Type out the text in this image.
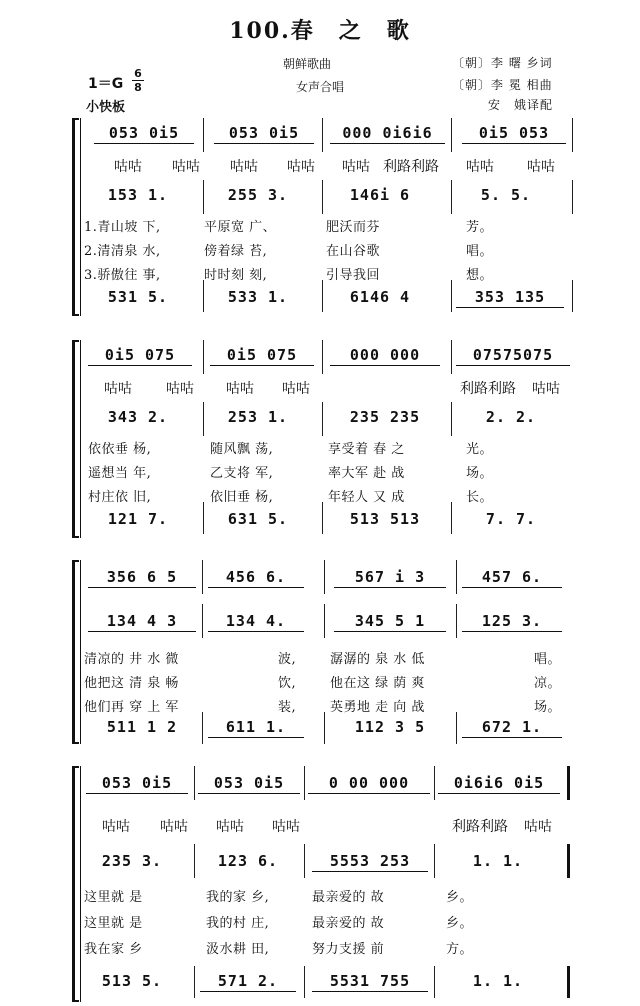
100.春　之　歌
朝鲜歌曲
女声合唱
〔朝〕李 曙 乡词
〔朝〕李 冕 相曲
安　娥译配
1＝G
6
8
小快板
053 0i5	053 0i5	000 0i6i6	0i5 053
咕咕 咕咕 咕咕 咕咕 咕咕 利路利路 咕咕 咕咕
153 1.	255 3.	146i 6	5. 5.
1.青山坡 下,	平原宽 广、	肥沃而芬	芳。
2.清清泉 水,	傍着绿 苔,	在山谷歌	唱。
3.骄傲往 事,	时时刻 刻,	引导我回	想。
531 5.	533 1.	6146 4	353 135
0i5 075	0i5 075	000 000	07575075
咕咕 咕咕 咕咕 咕咕	利路利路 咕咕
343 2.	253 1.	235 235	2. 2.
依依垂 杨,	随风飘 荡,	享受着 春 之	光。
遥想当 年,	乙支将 军,	率大军 赴 战	场。
村庄依 旧,	依旧垂 杨,	年轻人 又 成	长。
121 7.	631 5.	513 513	7. 7.
356 6 5	456 6.	567 i 3	457 6.
134 4 3	134 4.	345 5 1	125 3.
清凉的 井 水 微	波,	潺潺的 泉 水 低	唱。
他把这 清 泉 畅	饮,	他在这 绿 荫 爽	凉。
他们再 穿 上 军	装,	英勇地 走 向 战	场。
511 1 2	611 1.	112 3 5	672 1.
053 0i5	053 0i5	0 00 000	0i6i6 0i5
咕咕 咕咕 咕咕 咕咕	利路利路 咕咕
235 3.	123 6.	5553 253	1. 1.
这里就 是	我的家 乡,	最亲爱的 故	乡。
这里就 是	我的村 庄,	最亲爱的 故	乡。
我在家 乡	汲水耕 田,	努力支援 前	方。
513 5.	571 2.	5531 755	1. 1.
